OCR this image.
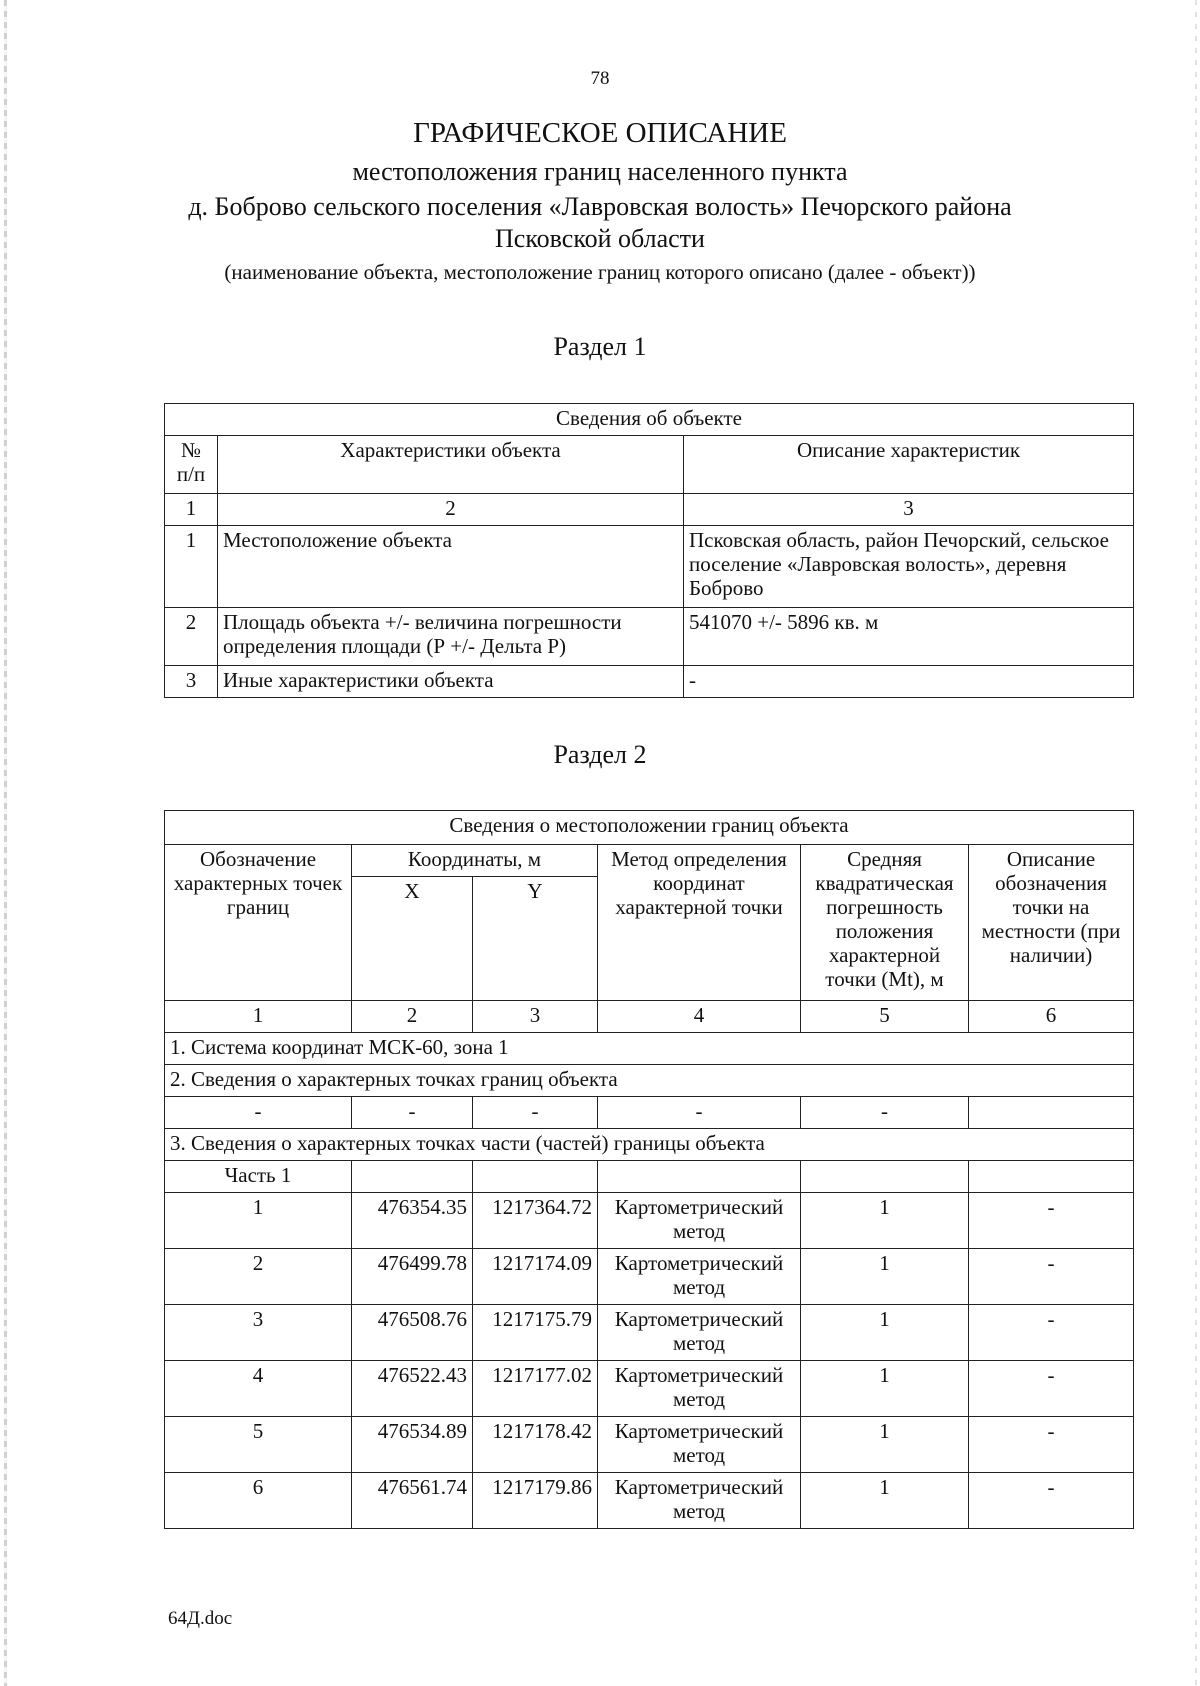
78
ГРАФИЧЕСКОЕ ОПИСАНИЕ
местоположения границ населенного пункта
д. Боброво сельского поселения «Лавровская волость» Печорского района
Псковской области
(наименование объекта, местоположение границ которого описано (далее - объект))
Раздел 1
Сведения об объекте		
№ п/п	Характеристики объекта	Описание характеристик
1	2	3
1	Местоположение объекта	Псковская область, район Печорский, сельское поселение «Лавровская волость», деревня Боброво
2	Площадь объекта +/- величина погрешности определения площади (Р +/- Дельта Р)	541070 +/- 5896 кв. м
3	Иные характеристики объекта	-
Раздел 2
Сведения о местоположении границ объекта					
Обозначение характерных точек границ	Координаты, м		Метод определения координат характерной точки	Средняя квадратическая погрешность положения характерной точки (Mt), м	Описание обозначения точки на местности (при наличии)
	X	Y			
1	2	3	4	5	6
1. Система координат МСК-60, зона 1					
2. Сведения о характерных точках границ объекта					
-	-	-	-	-	
3. Сведения о характерных точках части (частей) границы объекта					
Часть 1					
1	476354.35	1217364.72	Картометрический метод	1	-
2	476499.78	1217174.09	Картометрический метод	1	-
3	476508.76	1217175.79	Картометрический метод	1	-
4	476522.43	1217177.02	Картометрический метод	1	-
5	476534.89	1217178.42	Картометрический метод	1	-
6	476561.74	1217179.86	Картометрический метод	1	-
64Д.doc
